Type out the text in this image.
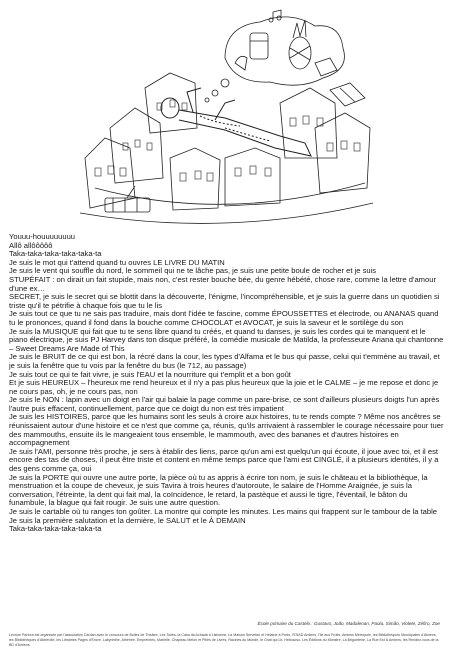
Youuu-houuuuuuuu

Allô allôôôôô

Taka-taka-taka-taka-taka-ta

Je suis le mot qui t'attend quand tu ouvres LE LIVRE DU MATIN

Je suis le vent qui souffle du nord, le sommeil qui ne te lâche pas, je suis une petite boule de rocher et je suis

STUPÉFAIT : on dirait un fait stupide, mais non, c'est rester bouche bée, du genre hébété, chose rare, comme la lettre d'amour d'une ex…

SECRET, je suis le secret qui se blottit dans la découverte, l'énigme, l'incompréhensible, et je suis la guerre dans un quotidien si triste qu'il te pétrifie à chaque fois que tu le lis

Je suis tout ce que tu ne sais pas traduire, mais dont l'idée te fascine, comme ÉPOUSSETTES et électrode, ou ANANAS quand tu le prononces, quand il fond dans la bouche comme CHOCOLAT et AVOCAT, je suis la saveur et le sortilège du son

Je suis la MUSIQUE qui fait que tu te sens libre quand tu créés, et quand tu danses, je suis les cordes qui te manquent et le piano électrique, je suis PJ Harvey dans ton disque préféré, la comédie musicale de Matilda, la professeure Ariana qui chantonne – Sweet Dreams Are Made of This

Je suis le BRUIT de ce qui est bon, la récré dans la cour, les types d'Alfama et le bus qui passe, celui qui t'emmène au travail, et je suis la fenêtre que tu vois par la fenêtre du bus (le 712, au passage)

Je suis tout ce qui te fait vivre, je suis l'EAU et la nourriture qui t'emplit et a bon goût

Et je suis HEUREUX – l'heureux me rend heureux et il n'y a pas plus heureux que la joie et le CALME – je me repose et donc je ne cours pas, oh, je ne cours pas, non

Je suis le NON : lapin avec un doigt en l'air qui balaie la page comme un pare-brise, ce sont d'ailleurs plusieurs doigts l'un après l'autre puis effacent, continuellement, parce que ce doigt du non est très impatient

Je suis les HISTOIRES, parce que les humains sont les seuls à croire aux histoires, tu te rends compte ? Même nos ancêtres se réunissaient autour d'une histoire et ce n'est que comme ça, réunis, qu'ils arrivaient à rassembler le courage nécessaire pour tuer des mammouths, ensuite ils le mangeaient tous ensemble, le mammouth, avec des bananes et d'autres histoires en accompagnement

Je suis l'AMI, personne très proche, je sers à établir des liens, parce qu'un ami est quelqu'un qui écoute, il joue avec toi, et il est encore des tas de choses, il peut être triste et content en même temps parce que l'ami est CINGLÉ, il a plusieurs identités, il y a des gens comme ça, oui

Je suis la PORTE qui ouvre une autre porte, la pièce où tu as appris à écrire ton nom, je suis le château et la bibliothèque, la menstruation et la coupe de cheveux, je suis Tavira à trois heures d'autoroute, le salaire de l'Homme Araignée, je suis la conversation, l'étreinte, la dent qui fait mal, la coïncidence, le retard, la pastèque et aussi le tigre, l'éventail, le bâton du funambule, la blague qui fait rougir. Je suis une autre question.

Je suis le cartable où tu ranges ton goûter. La montre qui compte les minutes. Les mains qui frappent sur le tambour de la table

Je suis la première salutation et la dernière, le SALUT et le À DEMAIN

Taka-taka-taka-taka-taka-ta

École primaire du Castelo : Gustavo, João, Madalenan, Paola, Simão, Violete, Zéfiro, Zoe
Lecture Partout est organisée par l'association Cardan avec le concours de Bulles de Théâtre, Les Toiles, la Casa da Achada à Lisbonne, La Maison Serveteu et Hélaine à Porto, l'ESAD Amiens, l'île aux Fruits, Amiens Métropole, les Bibliothèques Municipales d'Amiens, les Bibliothèques d'Abbeville, les Librairies Pages d'Encre, Labyrinthe, Athénée, Empreintes, Martelle, Chapeau Melon et Pilles de Livres, Racines du Monde, le Chat qui Lit, Hellososo, Les Éditions du Monstre, La Brigueterie, La Rue Est À Amiens, les Rendez-vous de la BD d'Amiens.
